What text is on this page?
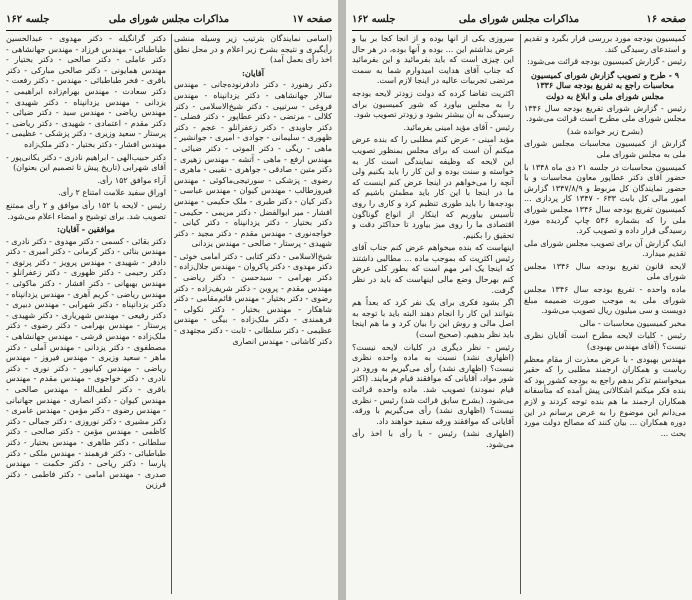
صفحه ۱۷
مذاکرات مجلس شورای ملی
جلسه ۱۶۲

(اسامی نمایندگان بترتیب زیر وسیله منشی رأیگیری و نتیجه بشرح زیر اعلام و در محل نطق اخذ رأی بعمل آمد)

آقایان:

دکتر رهنورد - دکتر دادفرنوده‌جانی - مهندس سالار جهانشاهی - دکتر یزدانپناه - مهندس فروغی - سرتیپی - دکتر شیخ‌الاسلامی - دکتر کلالی - مرتضی - دکتر عطاپور - دکتر فضلی - دکتر جاویدی - دکتر زعفرانلو - عجم - دکتر ظهوری - سلیمانی - جوادی - امیری - جوانشیر - ماهی - ریگی - دکتر الموتی - دکتر ضیائی - مهندس ارفع - ماهی - آتشه - مهندس زهیری - دکتر متین - صادقی - جواهری - نقیبی - ماهری - رضوی - پزشکی - سورتیجی‌ماکوئی - مهندس فیروزطالب - مهندس کیوان - مهندس عباسی - دکتر کیان - دکتر طبری - ملک حکیمی - مهندس افشار - میر ابوالفضل - دکتر مریمی - حکیمی - دکتر بختیار - دکتر یزدانپناه - دکتر کیانی - خواجه‌نوری - مهندس مقدم - دکتر مجید - دکتر شهیدی - پرستار - صالحی - مهندس یزدانی

شیخ‌الاسلامی - دکتر کتابی - دکتر امامی خوئی - دکتر مهدوی - دکتر پاکروان - مهندس جلال‌زاده - دکتر بهرامی - سیدحسن - دکتر ریاضی - مهندس مقدم - پروین - دکتر شریف‌زاده - دکتر رضوی - دکتر بختیار - مهندس قائم‌مقامی - دکتر شاهکار - مهندس بختیار - دکتر نکولی - فرهمندی - دکتر ملک‌زاده - بیگی - مهندس عظیمی - دکتر سلطانی - ثابت - دکتر مجتهدی - دکتر کاشانی - مهندس انصاری

دکتر گرانگیله - دکتر مهدوی - عبدالحسین طباطبائی - مهندس فرزاد - مهندس جهانشاهی - دکتر عاملی - دکتر صالحی - دکتر بختیار - مهندس همایونی - دکتر صالحی مبارکی - دکتر باقری - فخر طباطبائی - مهندس - دکتر رفعت - دکتر سعادت - مهندس بهرام‌زاده ابراهیمی - یزدانی - مهندس یزدانپناه - دکتر شهیدی - مهندس ریاضی - مهندس سید - دکتر ضیائی - دکتر مقدم - اعتمادی - شهیدی - دکتر ریاضی - پرستار - سعید وزیری - دکتر پزشکی - عظیمی - مهندس افشار - دکتر بختیار - دکتر ملک‌زاده

دکتر حبیب‌الهی - ابراهیم نادری - دکتر یکانی‌پور - آقای شهرابی (تاریخ پیش تا تصمیم این بعنوان)

آراء موافق ۱۵۲ رأی.

اوراق سفید علامت امتناع ۲ رأی.

رئیس - لایحه با ۱۵۲ رأی موافق و ۲ رأی ممتنع تصویب شد. برای توشیح و امضاء اعلام می‌شود.

موافقین - آقایان:

دکتر بقائی - کسمی - دکتر مهدوی - دکتر نادری - مهندس بنائی - دکتر کرمانی - دکتر امیری - دکتر دادفر - شهیدی - مهندس پرویز - دکتر پرتوی - دکتر رحیمی - دکتر ظهوری - دکتر زعفرانلو - مهندس بهبهانی - دکتر افشار - دکتر ماکوئی - مهندس ریاضی - کریم آهری - مهندس یزدانپناه - دکتر یزدانپناه - دکتر شهرابی - مهندس دبیری - دکتر رفیعی - مهندس شهریاری - دکتر شهیدی - پرستار - مهندس بهرامی - دکتر رضوی - دکتر ملک‌زاده - مهندس قرشی - مهندس جهانشاهی - مصطفوی - دکتر یزدانی - مهندس آملی - دکتر ماهر - سعید وزیری - مهندس فیروز - مهندس ریاضی - مهندس کیانپور - دکتر نوری - دکتر نادری - دکتر خواجوی - مهندس مقدم - مهندس باقری - دکتر لطف‌الله - مهندس صالحی - مهندس کیوان - دکتر انصاری - مهندس جهانبانی - مهندس رضوی - دکتر مؤمن - مهندس عامری - دکتر مشیری - دکتر نوروزی - دکتر جمالی - دکتر کاظمی - مهندس مؤمن - دکتر صالحی - دکتر سلطانی - دکتر طاهری - مهندس بختیار - دکتر طباطبائی - دکتر فرهمند - مهندس ملکی - دکتر پارسا - دکتر ریاحی - دکتر حکمت - مهندس صدری - مهندس امامی - دکتر فاطمی - دکتر فرزین

صفحه ۱۶
مذاکرات مجلس شورای ملی
جلسه ۱۶۲

کمیسیون بودجه مورد بررسی قرار بگیرد و تقدیم و استدعای رسیدگی کند.

رئیس - گزارش کمیسیون بودجه قرائت می‌شود:

۹ - طرح و تصویب گزارش شورای کمیسیون محاسبات راجع به تفریغ بودجه سال ۱۳۳۶ مجلس شورای ملی و ابلاغ به دولت

رئیس - گزارش شورای تفریغ بودجه سال ۱۳۴۶ مجلس شورای ملی مطرح است قرائت می‌شود.

(بشرح زیر خوانده شد)

گزارش از کمیسیون محاسبات مجلس شورای ملی به مجلس شورای ملی

کمیسیون محاسبات در جلسه ۲۱ دی ماه ۱۳۴۸ با حضور آقای دکتر عطاپور معاون محاسبات و با حضور نمایندگان کل مربوط و ۱۳۴۷/۸/۹ گزارش امور مالی کل بابت ۶۳۳ - ۱۳۴۷ کار پردازی ... کمیسیون تفریغ بودجه سال ۱۳۴۶ مجلس شورای ملی را که بشماره ۵۳۶ چاپ گردیده مورد رسیدگی قرار داده و تصویب کرد.

اینک گزارش آن برای تصویب مجلس شورای ملی تقدیم میدارد.

لایحه قانون تفریغ بودجه سال ۱۳۴۶ مجلس شورای ملی

ماده واحده - تفریغ بودجه سال ۱۳۴۶ مجلس شورای ملی به موجب صورت ضمیمه مبلغ دویست و سی میلیون ریال تصویب می‌شود.

مخبر کمیسیون محاسبات - مالی

رئیس - کلیات لایحه مطرح است آقایان نظری نیست؟ (آقای مهندس بهبودی)

مهندس بهبودی - با عرض معذرت از مقام معظم ریاست و همکاران ارجمند مطلبی را که حقیر میخواستم تذکر بدهم راجع به بودجه کشور بود که بنده فکر میکنم اشکالاتی پیش آمده که متأسفانه همکاران ارجمند ما هم بنده توجه کردند و لازم می‌دانم این موضوع را به عرض برسانم در این دوره همکاران ... بیان کنند که مصالح دولت مورد بحث ...

سروزی بکی از آنها بوده و از آنجا کجا بر بیا و عرض بداشتم این ... بوده و آنها بوده، در هر حال این چیزی است که باید بفرمائید و این بفرمائید که جناب آقای هدایت امیدوارم شما به سمت مرتضی تجربیات عالیه در اینجا لازم است.

اکثریت تفاضا کرده که دولت زودتر لایحه بودجه را به مجلس بیاورد که شور کمیسیون برای رسیدگی به آن بیشتر بشود و زودتر تصویب شود.

رئیس - آقای مؤید امینی بفرمائید.

مؤید امینی - عرض کنم مطلبی را که بنده عرض میکنم آن است که برای مجلس بمنظور تصویب این لایحه که وظیفه نمایندگی است کار به خواسته و سنت بوده و این کار را باید بکنیم ولی آنچه را می‌خواهم در اینجا عرض کنم اینست که ما در اینجا با این کار باید مطمئن باشیم که بودجه‌ها را باید طوری تنظیم کرد و کاری را روی تأسیس بیاوریم که اینکار از انواع گوناگون اقتصادی ما را روی میز بیاورد تا حداکثر دقت و تحقیق را بکنیم.

اینهاست که بنده میخواهم عرض کنم جناب آقای رئیس اکثریت که بموجب ماده ... مطالبی داشتند که اینجا یک امر مهم است که بطور کلی عرض کنم بهرحال وضع مالی اینهاست که باید در نظر گرفت.

اگر بشود فکری برای یک نفر کرد که بعداً هم بتوانند این کار را انجام دهند البته باید با توجه به اصل مالی و روش این را بیان کرد و ما هم اینجا باید نظر بدهیم. (صحیح است)

رئیس - نظر دیگری در کلیات لایحه نیست؟ (اظهاری نشد) نسبت به ماده واحده نظری نیست؟ (اظهاری نشد) رأی می‌گیریم به ورود در شور مواد، آقایانی که موافقند قیام فرمایند. (اکثر قیام نمودند) تصویب شد. ماده واحده قرائت می‌شود. (بشرح سابق قرائت شد) رئیس - نظری نیست؟ (اظهاری نشد) رأی می‌گیریم با ورقه. آقایانی که موافقند ورقه سفید خواهند داد.

(اظهاری نشد) رئیس - با رأی با اخذ رأی می‌شود.
